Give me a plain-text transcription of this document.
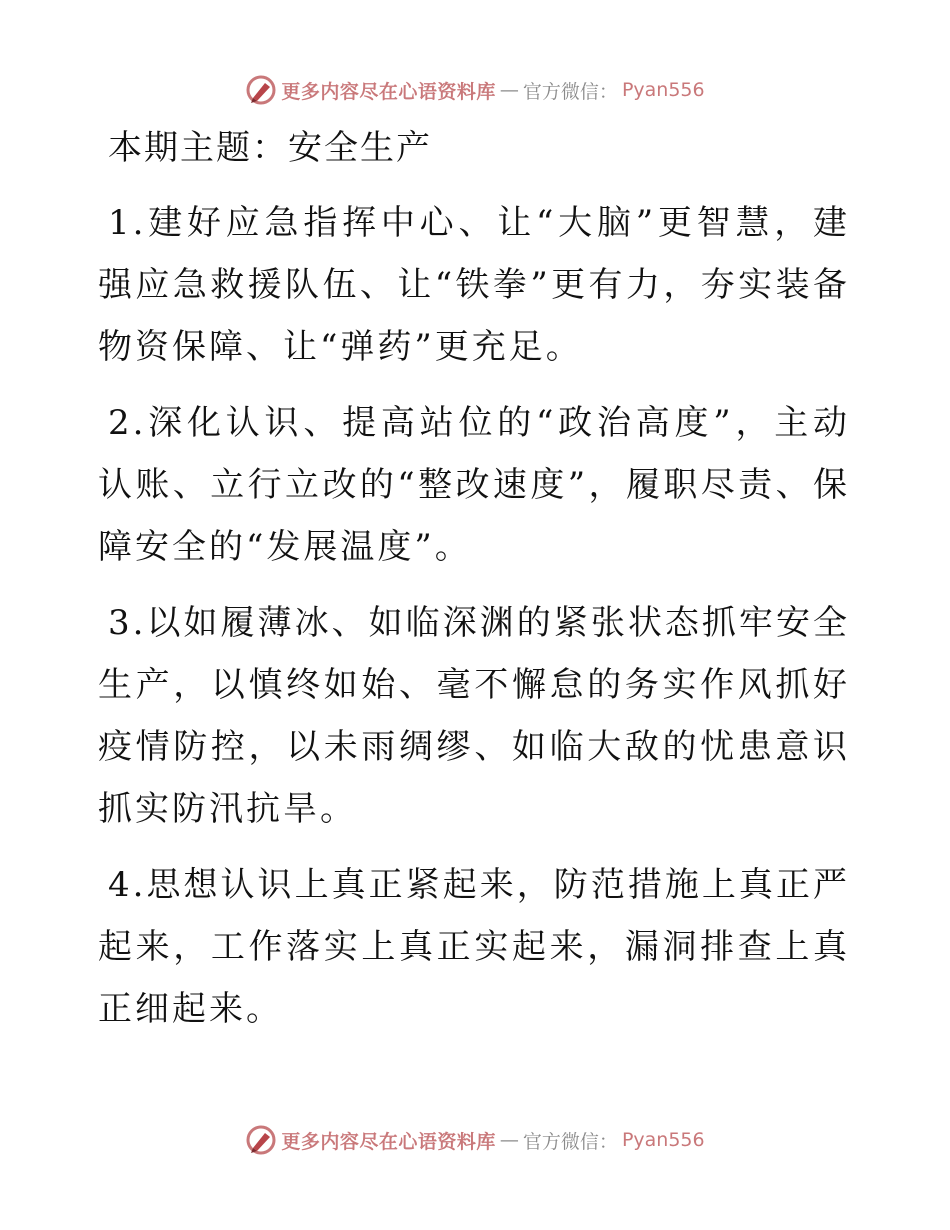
更多内容尽在心语资料库 — 官方微信： Pyan556

本期主题：安全生产

1.建好应急指挥中心、让“大脑”更智慧，建强应急救援队伍、让“铁拳”更有力，夯实装备物资保障、让“弹药”更充足。

2.深化认识、提高站位的“政治高度”，主动认账、立行立改的“整改速度”，履职尽责、保障安全的“发展温度”。

3.以如履薄冰、如临深渊的紧张状态抓牢安全生产，以慎终如始、毫不懈怠的务实作风抓好疫情防控，以未雨绸缪、如临大敌的忧患意识抓实防汛抗旱。

4.思想认识上真正紧起来，防范措施上真正严起来，工作落实上真正实起来，漏洞排查上真正细起来。

更多内容尽在心语资料库 — 官方微信： Pyan556
